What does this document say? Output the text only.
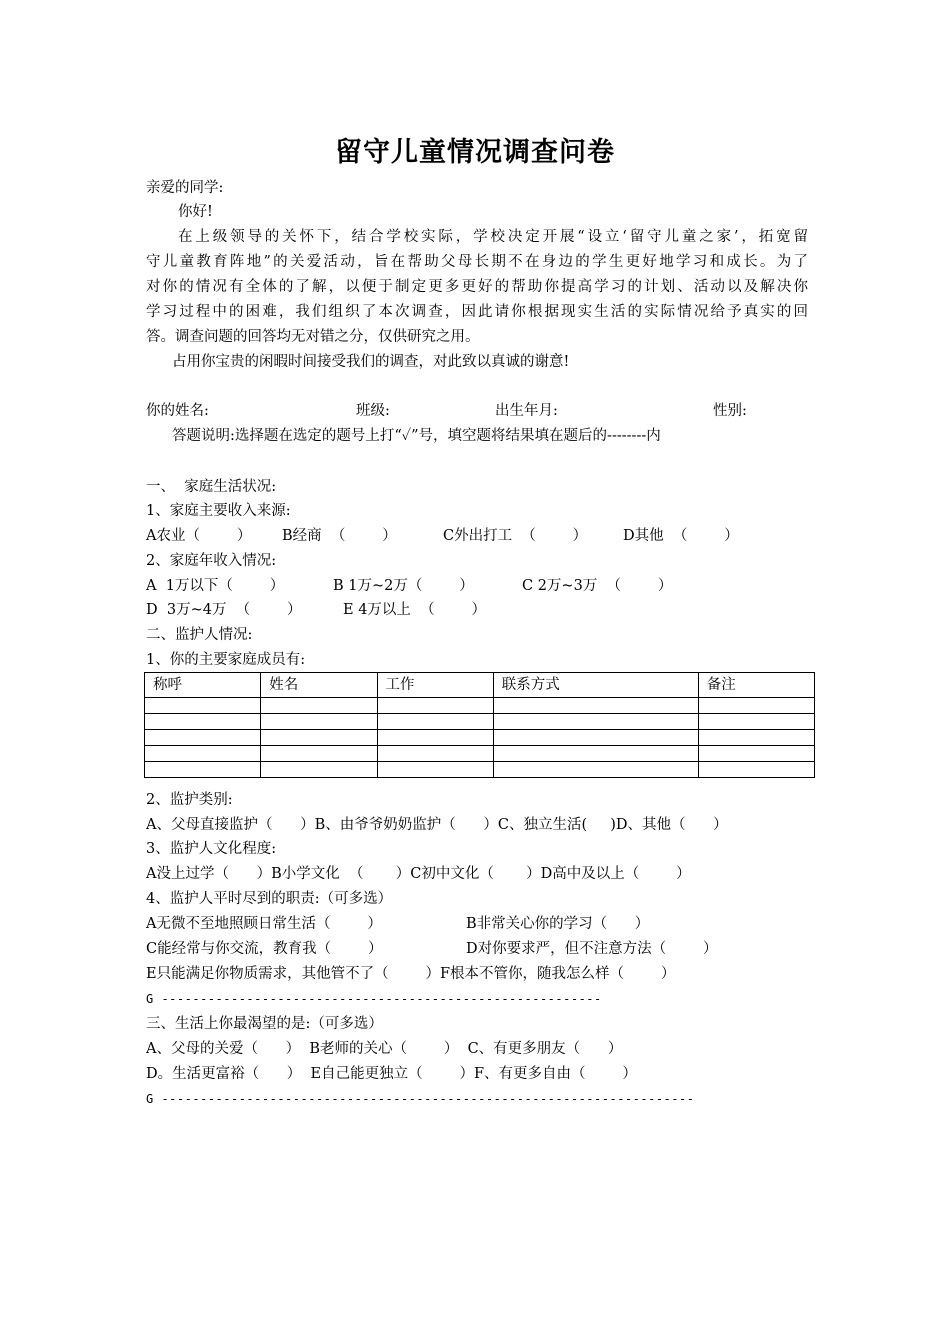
留守儿童情况调查问卷
亲爱的同学:
你好!
在上级领导的关怀下，结合学校实际，学校决定开展“设立‘留守儿童之家’，拓宽留
守儿童教育阵地”的关爱活动，旨在帮助父母长期不在身边的学生更好地学习和成长。为了
对你的情况有全体的了解，以便于制定更多更好的帮助你提高学习的计划、活动以及解决你
学习过程中的困难，我们组织了本次调查，因此请你根据现实生活的实际情况给予真实的回
答。调查问题的回答均无对错之分，仅供研究之用。
占用你宝贵的闲暇时间接受我们的调查，对此致以真诚的谢意!
你的姓名:	班级:	出生年月:	性别:
答题说明:选择题在选定的题号上打“✓”号，填空题将结果填在题后的--------内
一、  家庭生活状况:
1、家庭主要收入来源:
A农业（        ） B经商  （        ）	C外出打工  （        ） D其他  （        ）
2、家庭年收入情况:
A  1万以下（        ）	B 1万~2万（        ）	C 2万~3万  （        ）
D  3万~4万  （        ）	E 4万以上  （        ）
二、监护人情况:
1、你的主要家庭成员有:
称呼	姓名	工作	联系方式	备注

2、监护类别:
A、父母直接监护（      ）B、由爷爷奶奶监护（      ）C、独立生活(     )D、其他（      ）
3、监护人文化程度:
A没上过学（      ）B小学文化  （       ）C初中文化（       ）D高中及以上（        ）
4、监护人平时尽到的职责:（可多选）
A无微不至地照顾日常生活（        ）	B非常关心你的学习（      ）
C能经常与你交流，教育我（        ）	D对你要求严，但不注意方法（        ）
E只能满足你物质需求，其他管不了（        ）F根本不管你，随我怎么样（        ）
G ---------------------------------------------------------
三、生活上你最渴望的是:（可多选）
A、父母的关爱（      ）  B老师的关心（        ）  C、有更多朋友（      ）
D。生活更富裕（      ）  E自己能更独立（        ）F、有更多自由（        ）
G ---------------------------------------------------------------------
